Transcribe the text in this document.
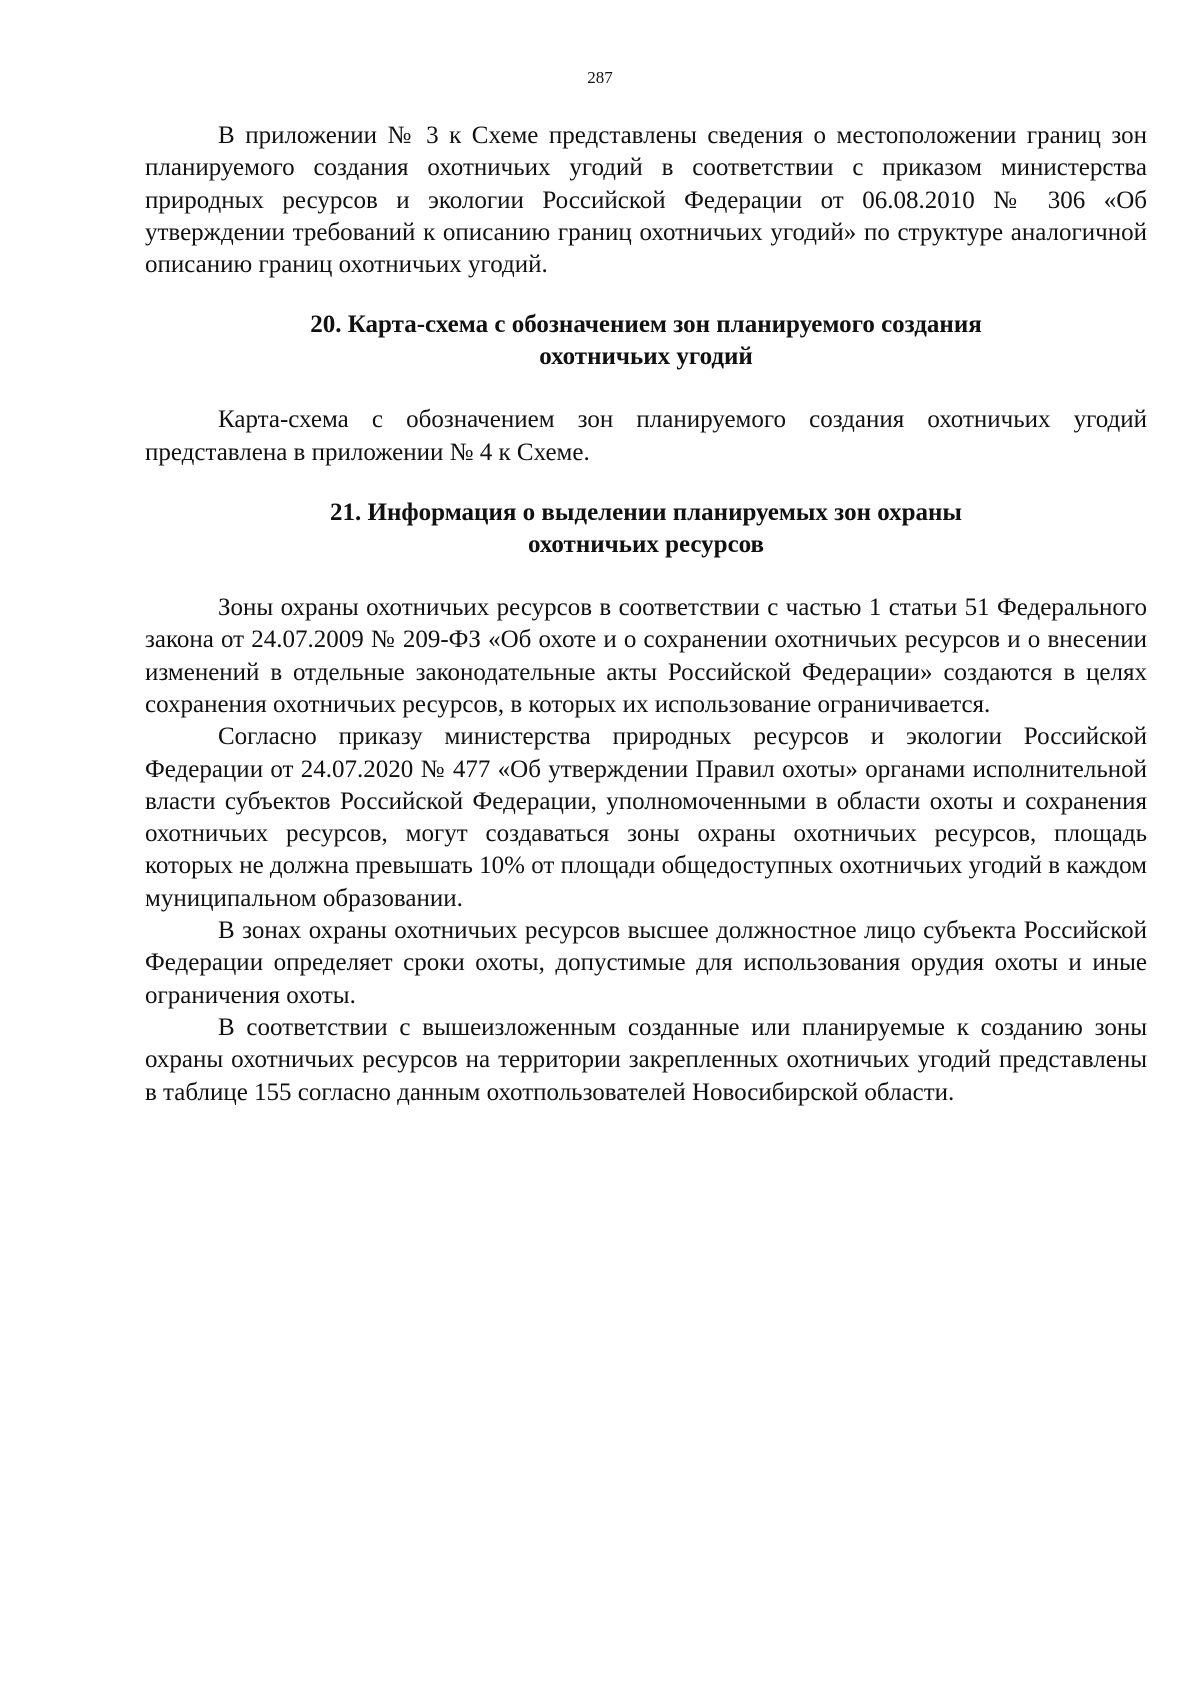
287

В приложении № 3 к Схеме представлены сведения о местоположении границ зон планируемого создания охотничьих угодий в соответствии с приказом министерства природных ресурсов и экологии Российской Федерации от 06.08.2010 № 306 «Об утверждении требований к описанию границ охотничьих угодий» по структуре аналогичной описанию границ охотничьих угодий.

20. Карта-схема с обозначением зон планируемого создания
охотничьих угодий

Карта-схема с обозначением зон планируемого создания охотничьих угодий представлена в приложении № 4 к Схеме.

21. Информация о выделении планируемых зон охраны
охотничьих ресурсов

Зоны охраны охотничьих ресурсов в соответствии с частью 1 статьи 51 Федерального закона от 24.07.2009 № 209-ФЗ «Об охоте и о сохранении охотничьих ресурсов и о внесении изменений в отдельные законодательные акты Российской Федерации» создаются в целях сохранения охотничьих ресурсов, в которых их использование ограничивается.

Согласно приказу министерства природных ресурсов и экологии Российской Федерации от 24.07.2020 № 477 «Об утверждении Правил охоты» органами исполнительной власти субъектов Российской Федерации, уполномоченными в области охоты и сохранения охотничьих ресурсов, могут создаваться зоны охраны охотничьих ресурсов, площадь которых не должна превышать 10% от площади общедоступных охотничьих угодий в каждом муниципальном образовании.

В зонах охраны охотничьих ресурсов высшее должностное лицо субъекта Российской Федерации определяет сроки охоты, допустимые для использования орудия охоты и иные ограничения охоты.

В соответствии с вышеизложенным созданные или планируемые к созданию зоны охраны охотничьих ресурсов на территории закрепленных охотничьих угодий представлены в таблице 155 согласно данным охотпользователей Новосибирской области.
